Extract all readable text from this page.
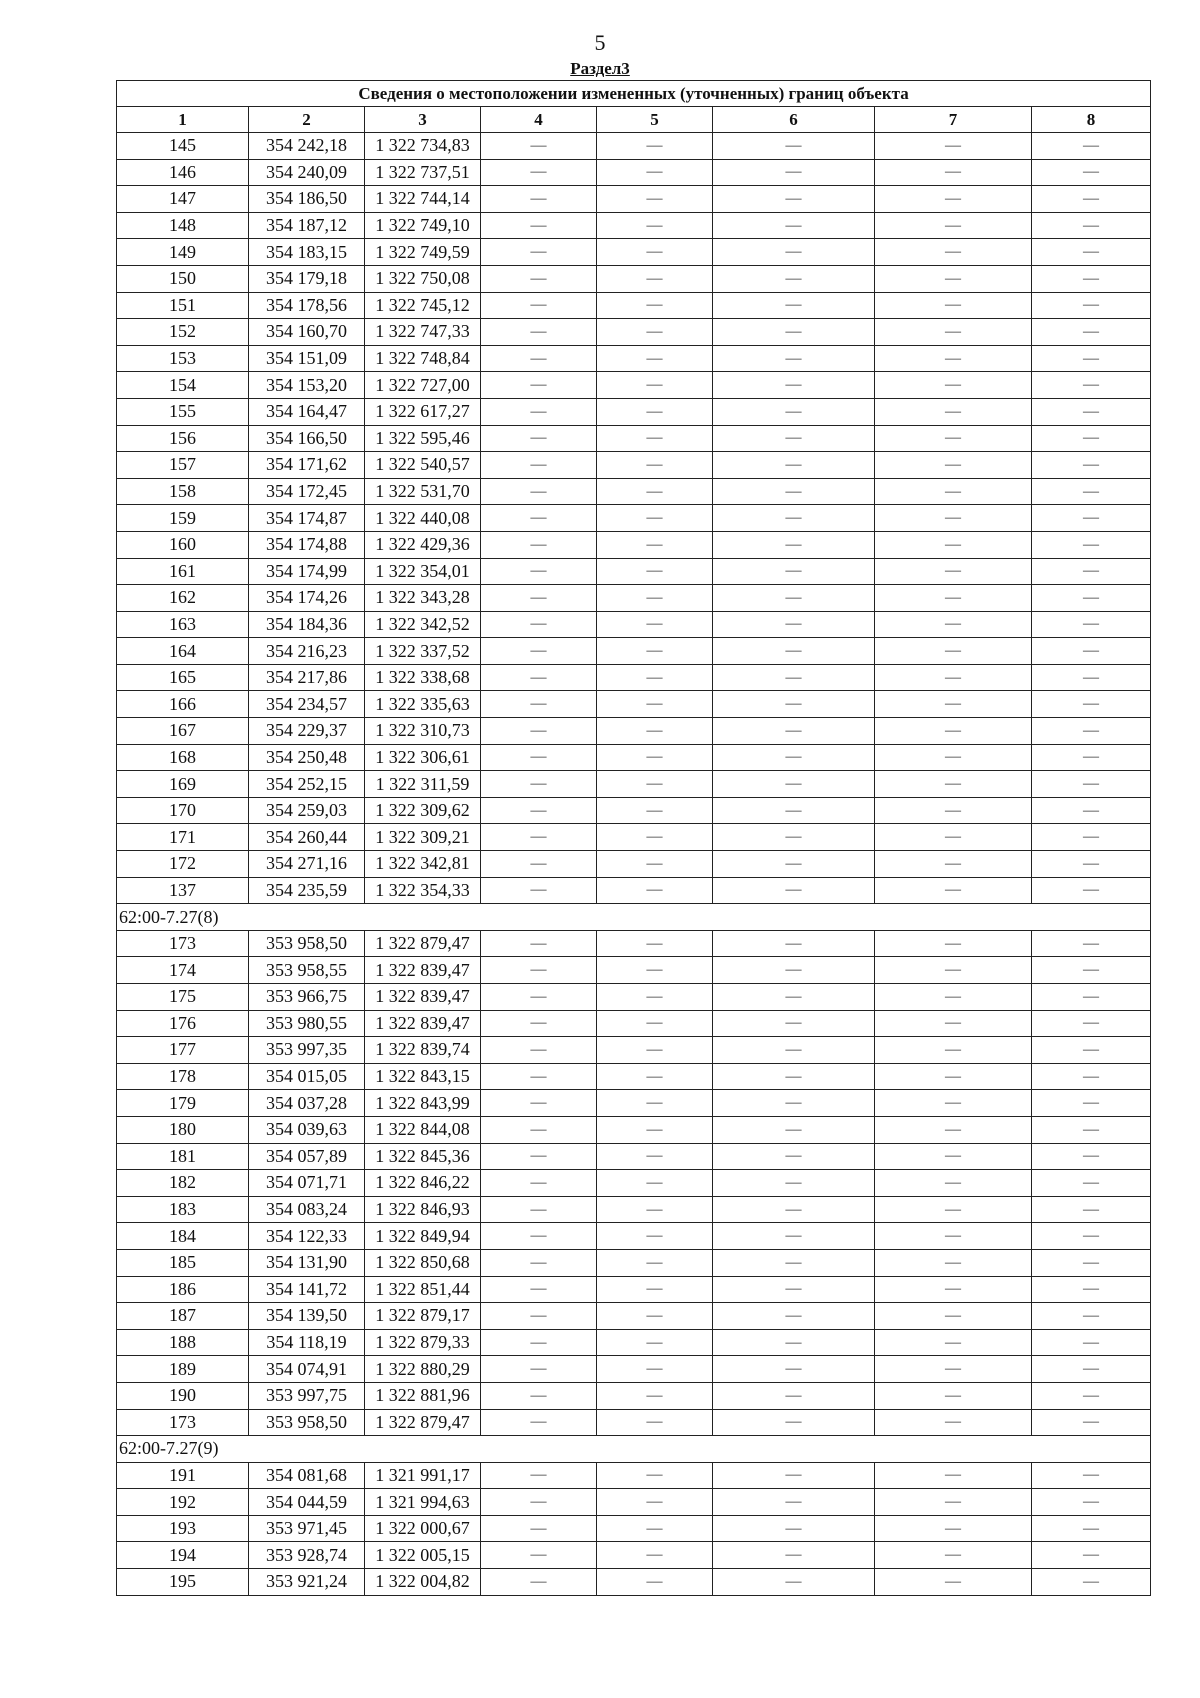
5
Раздел3
Сведения о местоположении измененных (уточненных) границ объекта							
1	2	3	4	5	6	7	8
145	354 242,18	1 322 734,83	—	—	—	—	—
146	354 240,09	1 322 737,51	—	—	—	—	—
147	354 186,50	1 322 744,14	—	—	—	—	—
148	354 187,12	1 322 749,10	—	—	—	—	—
149	354 183,15	1 322 749,59	—	—	—	—	—
150	354 179,18	1 322 750,08	—	—	—	—	—
151	354 178,56	1 322 745,12	—	—	—	—	—
152	354 160,70	1 322 747,33	—	—	—	—	—
153	354 151,09	1 322 748,84	—	—	—	—	—
154	354 153,20	1 322 727,00	—	—	—	—	—
155	354 164,47	1 322 617,27	—	—	—	—	—
156	354 166,50	1 322 595,46	—	—	—	—	—
157	354 171,62	1 322 540,57	—	—	—	—	—
158	354 172,45	1 322 531,70	—	—	—	—	—
159	354 174,87	1 322 440,08	—	—	—	—	—
160	354 174,88	1 322 429,36	—	—	—	—	—
161	354 174,99	1 322 354,01	—	—	—	—	—
162	354 174,26	1 322 343,28	—	—	—	—	—
163	354 184,36	1 322 342,52	—	—	—	—	—
164	354 216,23	1 322 337,52	—	—	—	—	—
165	354 217,86	1 322 338,68	—	—	—	—	—
166	354 234,57	1 322 335,63	—	—	—	—	—
167	354 229,37	1 322 310,73	—	—	—	—	—
168	354 250,48	1 322 306,61	—	—	—	—	—
169	354 252,15	1 322 311,59	—	—	—	—	—
170	354 259,03	1 322 309,62	—	—	—	—	—
171	354 260,44	1 322 309,21	—	—	—	—	—
172	354 271,16	1 322 342,81	—	—	—	—	—
137	354 235,59	1 322 354,33	—	—	—	—	—
62:00-7.27(8)							
173	353 958,50	1 322 879,47	—	—	—	—	—
174	353 958,55	1 322 839,47	—	—	—	—	—
175	353 966,75	1 322 839,47	—	—	—	—	—
176	353 980,55	1 322 839,47	—	—	—	—	—
177	353 997,35	1 322 839,74	—	—	—	—	—
178	354 015,05	1 322 843,15	—	—	—	—	—
179	354 037,28	1 322 843,99	—	—	—	—	—
180	354 039,63	1 322 844,08	—	—	—	—	—
181	354 057,89	1 322 845,36	—	—	—	—	—
182	354 071,71	1 322 846,22	—	—	—	—	—
183	354 083,24	1 322 846,93	—	—	—	—	—
184	354 122,33	1 322 849,94	—	—	—	—	—
185	354 131,90	1 322 850,68	—	—	—	—	—
186	354 141,72	1 322 851,44	—	—	—	—	—
187	354 139,50	1 322 879,17	—	—	—	—	—
188	354 118,19	1 322 879,33	—	—	—	—	—
189	354 074,91	1 322 880,29	—	—	—	—	—
190	353 997,75	1 322 881,96	—	—	—	—	—
173	353 958,50	1 322 879,47	—	—	—	—	—
62:00-7.27(9)							
191	354 081,68	1 321 991,17	—	—	—	—	—
192	354 044,59	1 321 994,63	—	—	—	—	—
193	353 971,45	1 322 000,67	—	—	—	—	—
194	353 928,74	1 322 005,15	—	—	—	—	—
195	353 921,24	1 322 004,82	—	—	—	—	—
